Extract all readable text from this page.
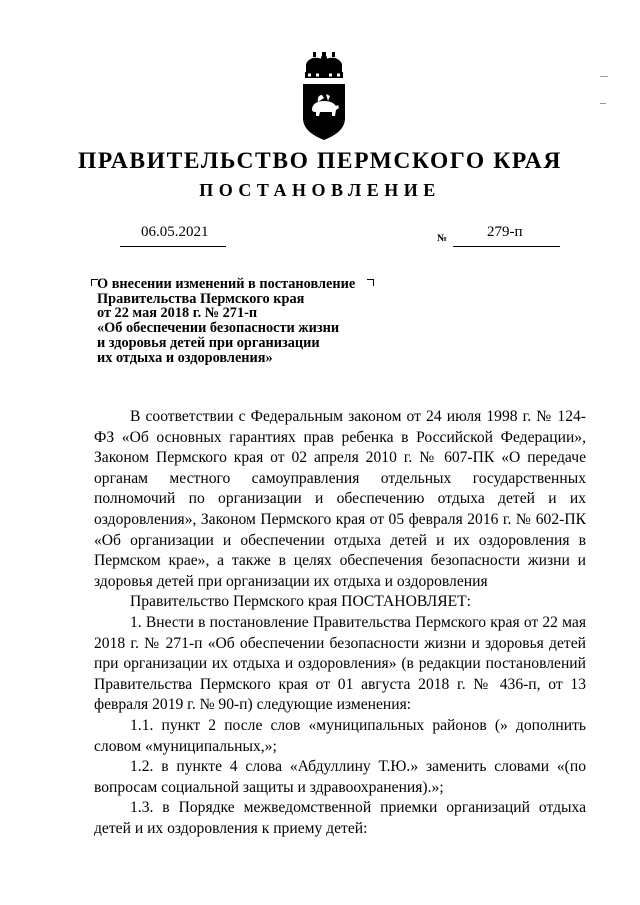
ПРАВИТЕЛЬСТВО ПЕРМСКОГО КРАЯ
ПОСТАНОВЛЕНИЕ
06.05.2021	№	279-п
О внесении изменений в постановление
Правительства Пермского края
от 22 мая 2018 г. № 271-п
«Об обеспечении безопасности жизни
и здоровья детей при организации
их отдыха и оздоровления»

В соответствии с Федеральным законом от 24 июля 1998 г. № 124-ФЗ «Об основных гарантиях прав ребенка в Российской Федерации», Законом Пермского края от 02 апреля 2010 г. № 607-ПК «О передаче органам местного самоуправления отдельных государственных полномочий по организации и обеспечению отдыха детей и их оздоровления», Законом Пермского края от 05 февраля 2016 г. № 602-ПК «Об организации и обеспечении отдыха детей и их оздоровления в Пермском крае», а также в целях обеспечения безопасности жизни и здоровья детей при организации их отдыха и оздоровления

Правительство Пермского края ПОСТАНОВЛЯЕТ:

1. Внести в постановление Правительства Пермского края от 22 мая 2018 г. № 271-п «Об обеспечении безопасности жизни и здоровья детей при организации их отдыха и оздоровления» (в редакции постановлений Правительства Пермского края от 01 августа 2018 г. № 436-п, от 13 февраля 2019 г. № 90-п) следующие изменения:

1.1. пункт 2 после слов «муниципальных районов (» дополнить словом «муниципальных,»;

1.2. в пункте 4 слова «Абдуллину Т.Ю.» заменить словами «(по вопросам социальной защиты и здравоохранения).»;

1.3. в Порядке межведомственной приемки организаций отдыха детей и их оздоровления к приему детей:
